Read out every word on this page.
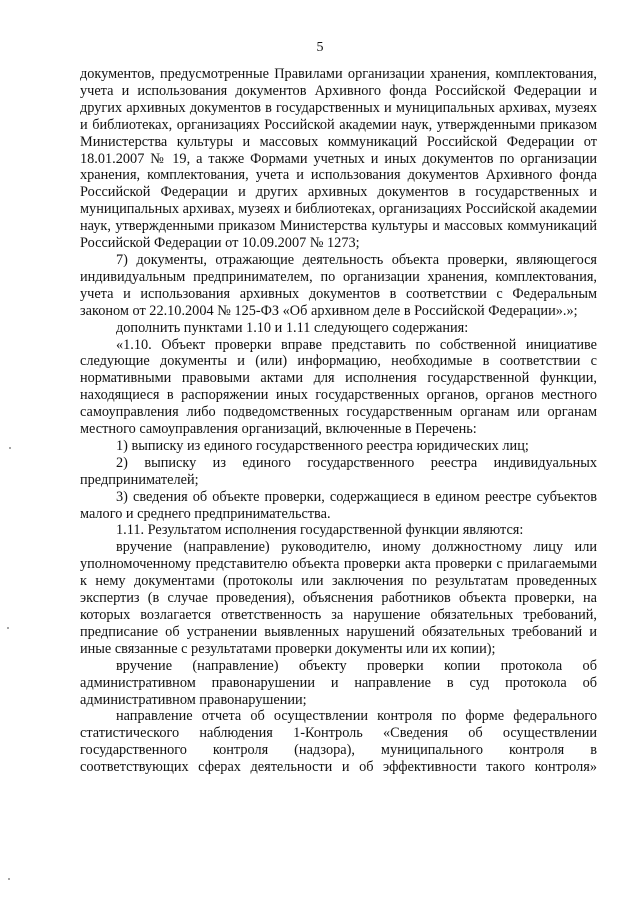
5

документов, предусмотренные Правилами организации хранения, комплектования, учета и использования документов Архивного фонда Российской Федерации и других архивных документов в государственных и муниципальных архивах, музеях и библиотеках, организациях Российской академии наук, утвержденными приказом Министерства культуры и массовых коммуникаций Российской Федерации от 18.01.2007 № 19, а также Формами учетных и иных документов по организации хранения, комплектования, учета и использования документов Архивного фонда Российской Федерации и других архивных документов в государственных и муниципальных архивах, музеях и библиотеках, организациях Российской академии наук, утвержденными приказом Министерства культуры и массовых коммуникаций Российской Федерации от 10.09.2007 № 1273;

7) документы, отражающие деятельность объекта проверки, являющегося индивидуальным предпринимателем, по организации хранения, комплектования, учета и использования архивных документов в соответствии с Федеральным законом от 22.10.2004 № 125-ФЗ «Об архивном деле в Российской Федерации».»;

дополнить пунктами 1.10 и 1.11 следующего содержания:

«1.10. Объект проверки вправе представить по собственной инициативе следующие документы и (или) информацию, необходимые в соответствии с нормативными правовыми актами для исполнения государственной функции, находящиеся в распоряжении иных государственных органов, органов местного самоуправления либо подведомственных государственным органам или органам местного самоуправления организаций, включенные в Перечень:

1) выписку из единого государственного реестра юридических лиц;

2) выписку из единого государственного реестра индивидуальных предпринимателей;

3) сведения об объекте проверки, содержащиеся в едином реестре субъектов малого и среднего предпринимательства.

1.11. Результатом исполнения государственной функции являются:

вручение (направление) руководителю, иному должностному лицу или уполномоченному представителю объекта проверки акта проверки с прилагаемыми к нему документами (протоколы или заключения по результатам проведенных экспертиз (в случае проведения), объяснения работников объекта проверки, на которых возлагается ответственность за нарушение обязательных требований, предписание об устранении выявленных нарушений обязательных требований и иные связанные с результатами проверки документы или их копии);

вручение (направление) объекту проверки копии протокола об административном правонарушении и направление в суд протокола об административном правонарушении;

направление отчета об осуществлении контроля по форме федерального статистического наблюдения 1-Контроль «Сведения об осуществлении государственного контроля (надзора), муниципального контроля в соответствующих сферах деятельности и об эффективности такого контроля»
